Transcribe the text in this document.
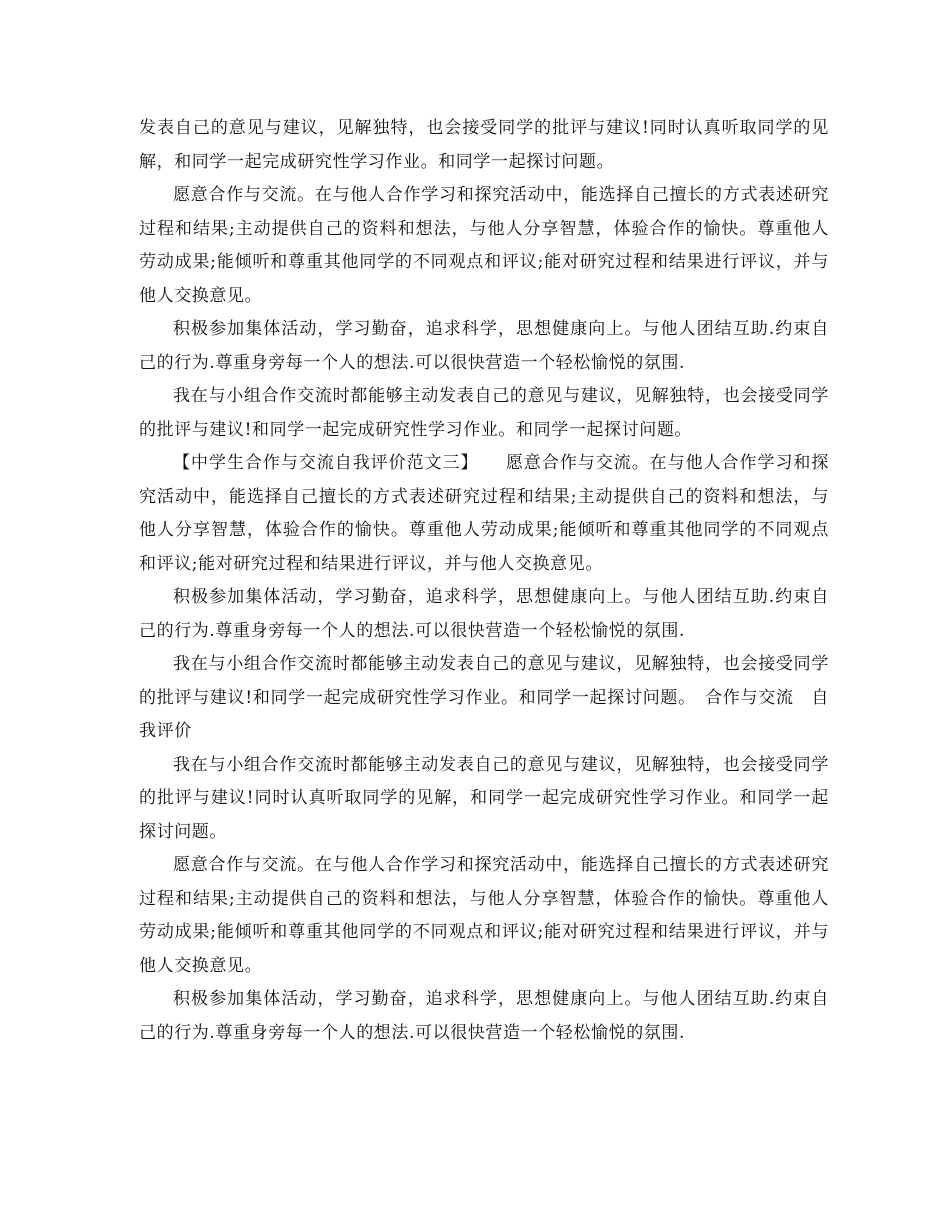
发表自己的意见与建议，见解独特，也会接受同学的批评与建议!同时认真听取同学的见解，和同学一起完成研究性学习作业。和同学一起探讨问题。

愿意合作与交流。在与他人合作学习和探究活动中，能选择自己擅长的方式表述研究过程和结果;主动提供自己的资料和想法，与他人分享智慧，体验合作的愉快。尊重他人劳动成果;能倾听和尊重其他同学的不同观点和评议;能对研究过程和结果进行评议，并与他人交换意见。

积极参加集体活动，学习勤奋，追求科学，思想健康向上。与他人团结互助.约束自己的行为.尊重身旁每一个人的想法.可以很快营造一个轻松愉悦的氛围.

我在与小组合作交流时都能够主动发表自己的意见与建议，见解独特，也会接受同学的批评与建议!和同学一起完成研究性学习作业。和同学一起探讨问题。

【中学生合作与交流自我评价范文三】　　愿意合作与交流。在与他人合作学习和探究活动中，能选择自己擅长的方式表述研究过程和结果;主动提供自己的资料和想法，与他人分享智慧，体验合作的愉快。尊重他人劳动成果;能倾听和尊重其他同学的不同观点和评议;能对研究过程和结果进行评议，并与他人交换意见。

积极参加集体活动，学习勤奋，追求科学，思想健康向上。与他人团结互助.约束自己的行为.尊重身旁每一个人的想法.可以很快营造一个轻松愉悦的氛围.

我在与小组合作交流时都能够主动发表自己的意见与建议，见解独特，也会接受同学的批评与建议!和同学一起完成研究性学习作业。和同学一起探讨问题。　合作与交流　自我评价

我在与小组合作交流时都能够主动发表自己的意见与建议，见解独特，也会接受同学的批评与建议!同时认真听取同学的见解，和同学一起完成研究性学习作业。和同学一起探讨问题。

愿意合作与交流。在与他人合作学习和探究活动中，能选择自己擅长的方式表述研究过程和结果;主动提供自己的资料和想法，与他人分享智慧，体验合作的愉快。尊重他人劳动成果;能倾听和尊重其他同学的不同观点和评议;能对研究过程和结果进行评议，并与他人交换意见。

积极参加集体活动，学习勤奋，追求科学，思想健康向上。与他人团结互助.约束自己的行为.尊重身旁每一个人的想法.可以很快营造一个轻松愉悦的氛围.
